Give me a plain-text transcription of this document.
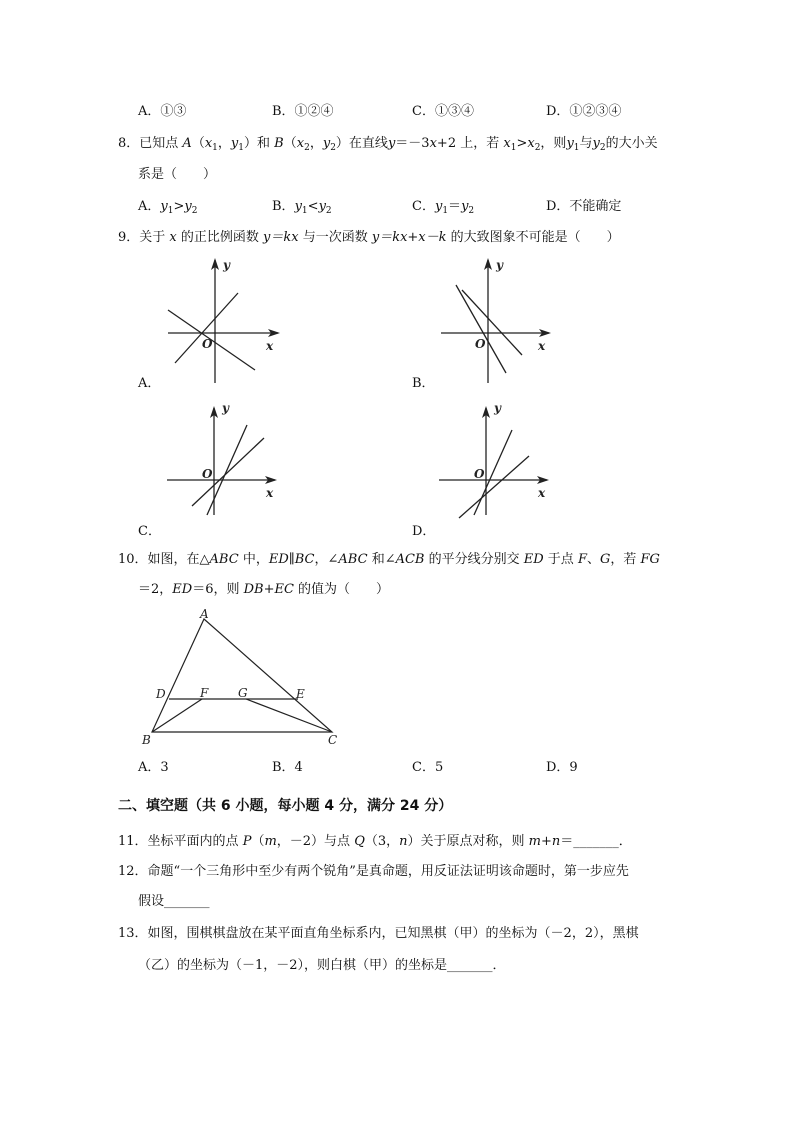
A．①③	B．①②④	C．①③④	D．①②③④
8．已知点 $A(x_1$，$y_1$）和 $B(x_2$，$y_2$）在直线y＝－3x+2 上，若 $x_1>x_2$，则$y_1$与$y_2$的大小关
系是（　　）
A．$y_1>y_2$	B．$y_1<y_2$	C．$y_1=y_2$	D．不能确定
9．关于 x 的正比例函数 y＝kx 与一次函数 y＝kx+x－k 的大致图象不可能是（　　）
y
x
O
A．
y
x
O
B．
y
x
O
C．
y
x
O
D．
10．如图，在△ABC 中，ED∥BC，∠ABC 和∠ACB 的平分线分别交 ED 于点 F、G，若 FG
＝2，ED＝6，则 DB+EC 的值为（　　）
A
B	C
D	E
F G
A．3	B．4	C．5	D．9
二、填空题（共 6 小题，每小题 4 分，满分 24 分）
11．坐标平面内的点 P（m，－2）与点 Q（3，n）关于原点对称，则 m+n＝_______．
12．命题“一个三角形中至少有两个锐角”是真命题，用反证法证明该命题时，第一步应先
假设_______
13．如图，围棋棋盘放在某平面直角坐标系内，已知黑棋（甲）的坐标为（－2，2），黑棋
（乙）的坐标为（－1，－2），则白棋（甲）的坐标是_______．
